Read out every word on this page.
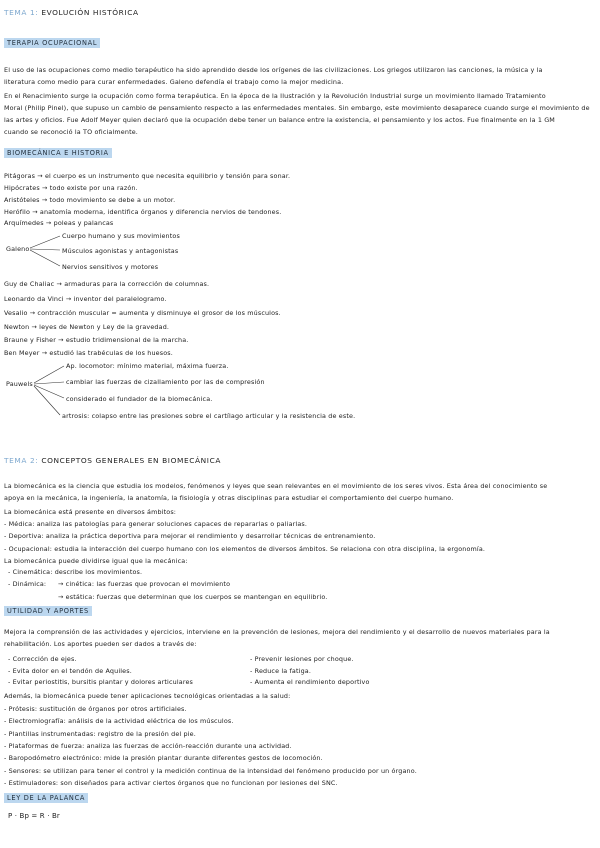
TEMA 1: EVOLUCIÓN HISTÓRICA
TERAPIA OCUPACIONAL
El uso de las ocupaciones como medio terapéutico ha sido aprendido desde los orígenes de las civilizaciones. Los griegos utilizaron las canciones, la música y la
literatura como medio para curar enfermedades. Galeno defendía el trabajo como la mejor medicina.
En el Renacimiento surge la ocupación como forma terapéutica. En la época de la Ilustración y la Revolución Industrial surge un movimiento llamado Tratamiento
Moral (Philip Pinel), que supuso un cambio de pensamiento respecto a las enfermedades mentales. Sin embargo, este movimiento desaparece cuando surge el movimiento de
las artes y oficios. Fue Adolf Meyer quien declaró que la ocupación debe tener un balance entre la existencia, el pensamiento y los actos. Fue finalmente en la 1 GM
cuando se reconoció la TO oficialmente.
BIOMECÁNICA E HISTORIA
Pitágoras → el cuerpo es un instrumento que necesita equilibrio y tensión para sonar.
Hipócrates → todo existe por una razón.
Aristóteles → todo movimiento se debe a un motor.
Herófilo → anatomía moderna, identifica órganos y diferencia nervios de tendones.
Arquímedes → poleas y palancas
Galeno
Cuerpo humano y sus movimientos
Músculos agonistas y antagonistas
Nervios sensitivos y motores
Guy de Chaliac → armaduras para la corrección de columnas.
Leonardo da Vinci → inventor del paralelogramo.
Vesalio → contracción muscular = aumenta y disminuye el grosor de los músculos.
Newton → leyes de Newton y Ley de la gravedad.
Braune y Fisher → estudio tridimensional de la marcha.
Ben Meyer → estudió las trabéculas de los huesos.
Pauwels
Ap. locomotor: mínimo material, máxima fuerza.
cambiar las fuerzas de cizallamiento por las de compresión
considerado el fundador de la biomecánica.
artrosis: colapso entre las presiones sobre el cartílago articular y la resistencia de este.
TEMA 2: CONCEPTOS GENERALES EN BIOMECÁNICA
La biomecánica es la ciencia que estudia los modelos, fenómenos y leyes que sean relevantes en el movimiento de los seres vivos. Esta área del conocimiento se
apoya en la mecánica, la ingeniería, la anatomía, la fisiología y otras disciplinas para estudiar el comportamiento del cuerpo humano.
La biomecánica está presente en diversos ámbitos:
- Médica: analiza las patologías para generar soluciones capaces de repararlas o paliarlas.
- Deportiva: analiza la práctica deportiva para mejorar el rendimiento y desarrollar técnicas de entrenamiento.
- Ocupacional: estudia la interacción del cuerpo humano con los elementos de diversos ámbitos. Se relaciona con otra disciplina, la ergonomía.
La biomecánica puede dividirse igual que la mecánica:
- Cinemática: describe los movimientos.
- Dinámica: → cinética: las fuerzas que provocan el movimiento
→ estática: fuerzas que determinan que los cuerpos se mantengan en equilibrio.
UTILIDAD Y APORTES
Mejora la comprensión de las actividades y ejercicios, interviene en la prevención de lesiones, mejora del rendimiento y el desarrollo de nuevos materiales para la
rehabilitación. Los aportes pueden ser dados a través de:
- Corrección de ejes.
- Evita dolor en el tendón de Aquiles.
- Evitar periostitis, bursitis plantar y dolores articulares
- Prevenir lesiones por choque.
- Reduce la fatiga.
- Aumenta el rendimiento deportivo
Además, la biomecánica puede tener aplicaciones tecnológicas orientadas a la salud:
- Prótesis: sustitución de órganos por otros artificiales.
- Electromiografía: análisis de la actividad eléctrica de los músculos.
- Plantillas instrumentadas: registro de la presión del pie.
- Plataformas de fuerza: analiza las fuerzas de acción-reacción durante una actividad.
- Baropodómetro electrónico: mide la presión plantar durante diferentes gestos de locomoción.
- Sensores: se utilizan para tener el control y la medición continua de la intensidad del fenómeno producido por un órgano.
- Estimuladores: son diseñados para activar ciertos órganos que no funcionan por lesiones del SNC.
LEY DE LA PALANCA
P · Bp = R · Br
